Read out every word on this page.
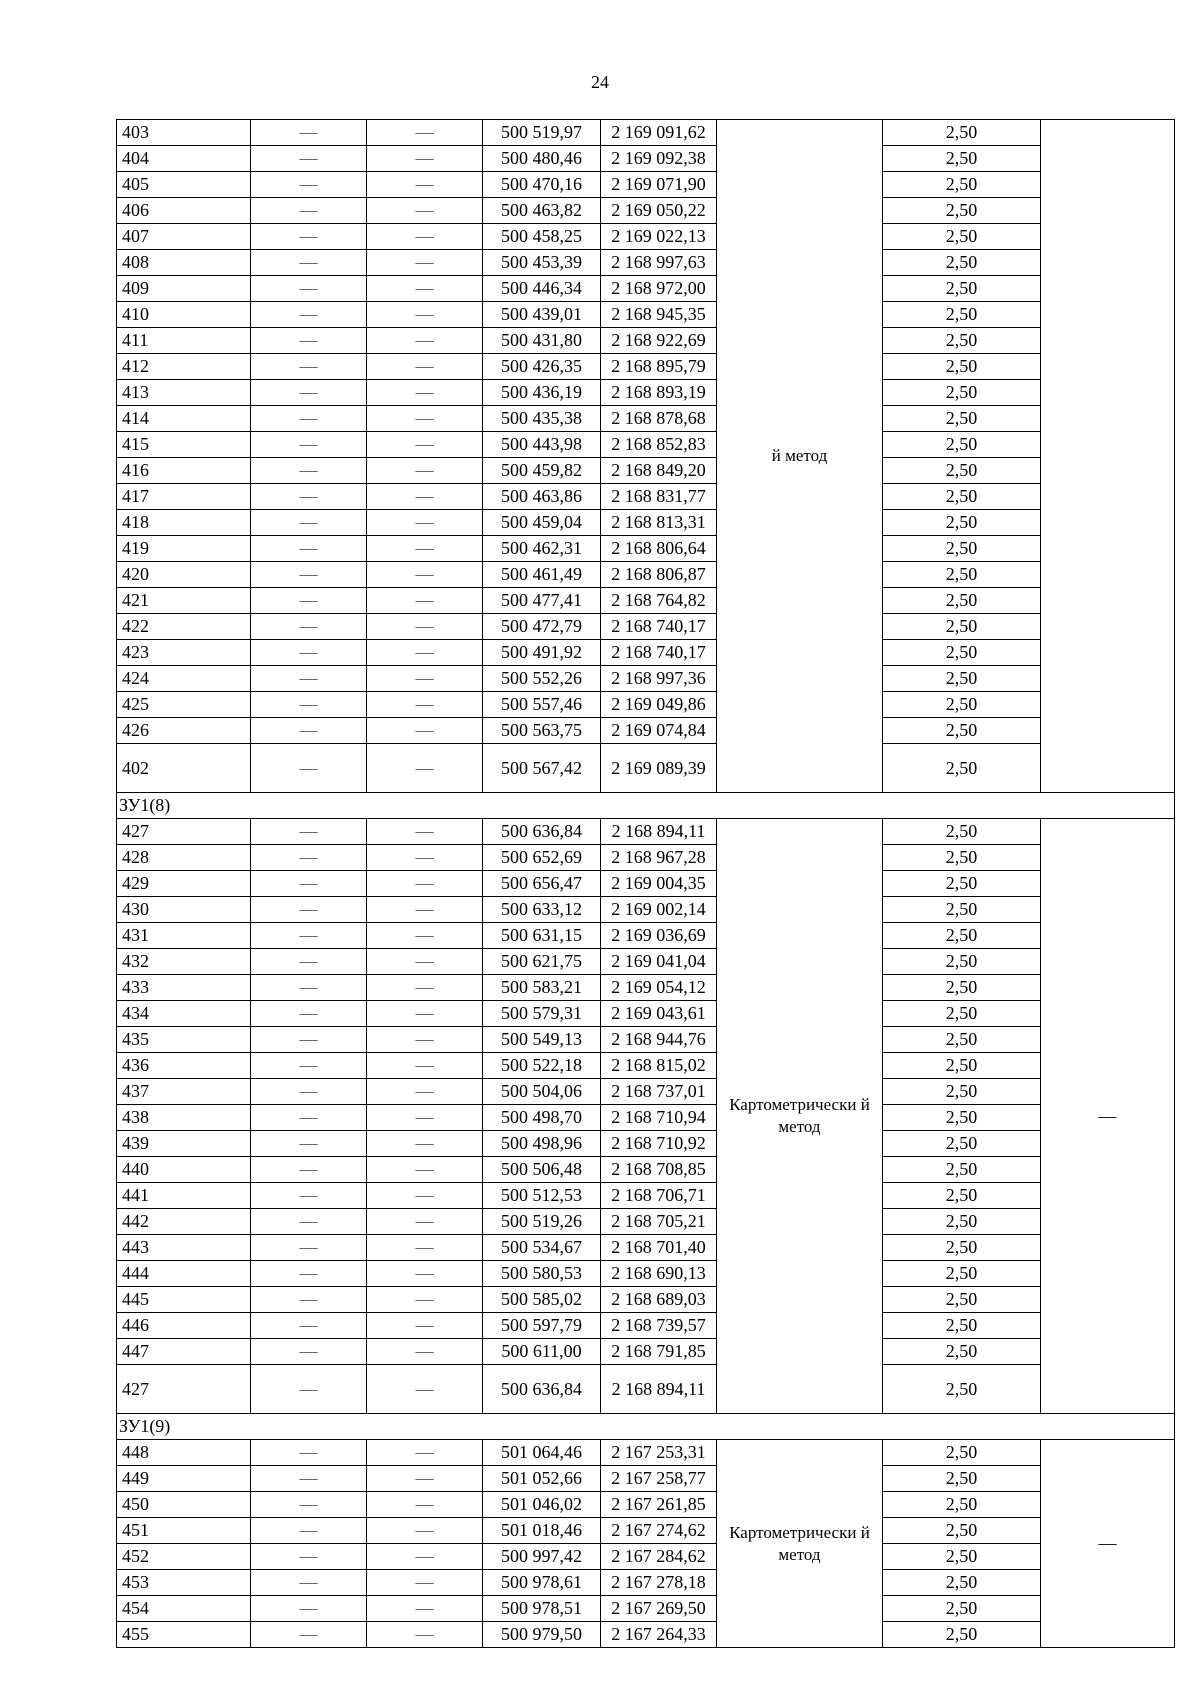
24
403	—	—	500 519,97	2 169 091,62	й метод	2,50	
404	—	—	500 480,46	2 169 092,38		2,50	
405	—	—	500 470,16	2 169 071,90		2,50	
406	—	—	500 463,82	2 169 050,22		2,50	
407	—	—	500 458,25	2 169 022,13		2,50	
408	—	—	500 453,39	2 168 997,63		2,50	
409	—	—	500 446,34	2 168 972,00		2,50	
410	—	—	500 439,01	2 168 945,35		2,50	
411	—	—	500 431,80	2 168 922,69		2,50	
412	—	—	500 426,35	2 168 895,79		2,50	
413	—	—	500 436,19	2 168 893,19		2,50	
414	—	—	500 435,38	2 168 878,68		2,50	
415	—	—	500 443,98	2 168 852,83		2,50	
416	—	—	500 459,82	2 168 849,20		2,50	
417	—	—	500 463,86	2 168 831,77		2,50	
418	—	—	500 459,04	2 168 813,31		2,50	
419	—	—	500 462,31	2 168 806,64		2,50	
420	—	—	500 461,49	2 168 806,87		2,50	
421	—	—	500 477,41	2 168 764,82		2,50	
422	—	—	500 472,79	2 168 740,17		2,50	
423	—	—	500 491,92	2 168 740,17		2,50	
424	—	—	500 552,26	2 168 997,36		2,50	
425	—	—	500 557,46	2 169 049,86		2,50	
426	—	—	500 563,75	2 169 074,84		2,50	
402	—	—	500 567,42	2 169 089,39		2,50	
ЗУ1(8)							
427	—	—	500 636,84	2 168 894,11	Картометрически й метод	2,50	—
428	—	—	500 652,69	2 168 967,28		2,50	
429	—	—	500 656,47	2 169 004,35		2,50	
430	—	—	500 633,12	2 169 002,14		2,50	
431	—	—	500 631,15	2 169 036,69		2,50	
432	—	—	500 621,75	2 169 041,04		2,50	
433	—	—	500 583,21	2 169 054,12		2,50	
434	—	—	500 579,31	2 169 043,61		2,50	
435	—	—	500 549,13	2 168 944,76		2,50	
436	—	—	500 522,18	2 168 815,02		2,50	
437	—	—	500 504,06	2 168 737,01		2,50	
438	—	—	500 498,70	2 168 710,94		2,50	
439	—	—	500 498,96	2 168 710,92		2,50	
440	—	—	500 506,48	2 168 708,85		2,50	
441	—	—	500 512,53	2 168 706,71		2,50	
442	—	—	500 519,26	2 168 705,21		2,50	
443	—	—	500 534,67	2 168 701,40		2,50	
444	—	—	500 580,53	2 168 690,13		2,50	
445	—	—	500 585,02	2 168 689,03		2,50	
446	—	—	500 597,79	2 168 739,57		2,50	
447	—	—	500 611,00	2 168 791,85		2,50	
427	—	—	500 636,84	2 168 894,11		2,50	
ЗУ1(9)							
448	—	—	501 064,46	2 167 253,31	Картометрически й метод	2,50	—
449	—	—	501 052,66	2 167 258,77		2,50	
450	—	—	501 046,02	2 167 261,85		2,50	
451	—	—	501 018,46	2 167 274,62		2,50	
452	—	—	500 997,42	2 167 284,62		2,50	
453	—	—	500 978,61	2 167 278,18		2,50	
454	—	—	500 978,51	2 167 269,50		2,50	
455	—	—	500 979,50	2 167 264,33		2,50	
